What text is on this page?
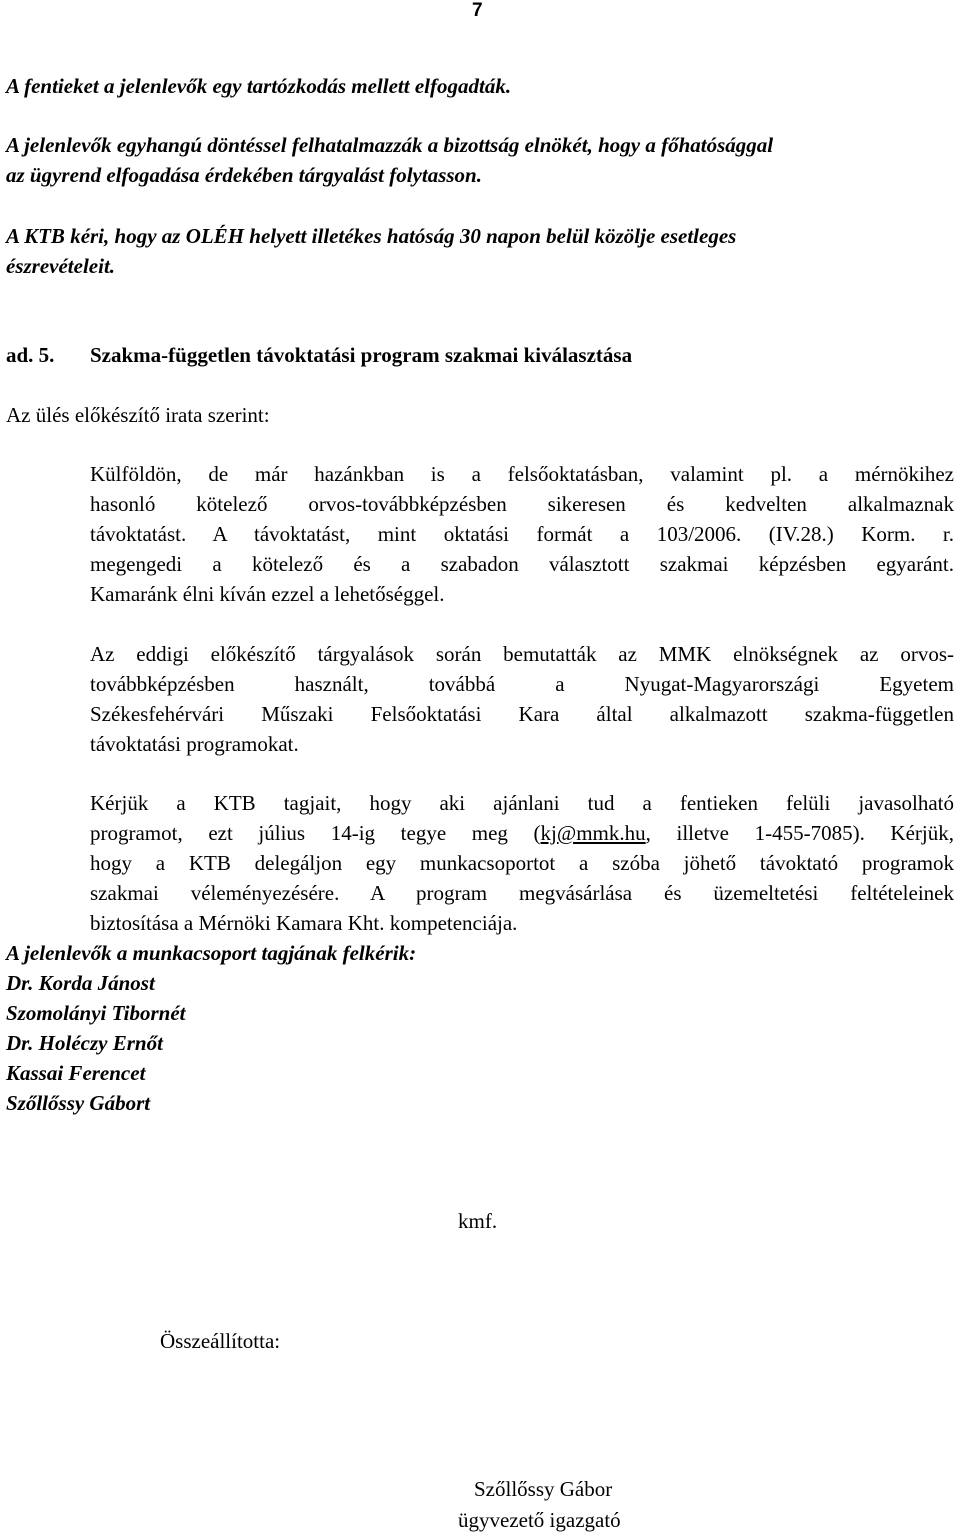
7
A fentieket a jelenlevők egy tartózkodás mellett elfogadták.
A jelenlevők egyhangú döntéssel felhatalmazzák a bizottság elnökét, hogy a főhatósággal
az ügyrend elfogadása érdekében tárgyalást folytasson.
A KTB kéri, hogy az OLÉH helyett illetékes hatóság 30 napon belül közölje esetleges
észrevételeit.
ad. 5. Szakma-független távoktatási program szakmai kiválasztása
Az ülés előkészítő irata szerint:
Külföldön, de már hazánkban is a felsőoktatásban, valamint pl. a mérnökihez
hasonló kötelező orvos-továbbképzésben sikeresen és kedvelten alkalmaznak
távoktatást. A távoktatást, mint oktatási formát a 103/2006. (IV.28.) Korm. r.
megengedi a kötelező és a szabadon választott szakmai képzésben egyaránt.
Kamaránk élni kíván ezzel a lehetőséggel.
Az eddigi előkészítő tárgyalások során bemutatták az MMK elnökségnek az orvos-
továbbképzésben használt, továbbá a Nyugat-Magyarországi Egyetem
Székesfehérvári Műszaki Felsőoktatási Kara által alkalmazott szakma-független
távoktatási programokat.
Kérjük a KTB tagjait, hogy aki ajánlani tud a fentieken felüli javasolható
programot, ezt július 14-ig tegye meg (kj@mmk.hu, illetve 1-455-7085). Kérjük,
hogy a KTB delegáljon egy munkacsoportot a szóba jöhető távoktató programok
szakmai véleményezésére. A program megvásárlása és üzemeltetési feltételeinek
biztosítása a Mérnöki Kamara Kht. kompetenciája.
A jelenlevők a munkacsoport tagjának felkérik:
Dr. Korda Jánost
Szomolányi Tibornét
Dr. Holéczy Ernőt
Kassai Ferencet
Szőllőssy Gábort
kmf.
Összeállította:
Szőllőssy Gábor
ügyvezető igazgató
